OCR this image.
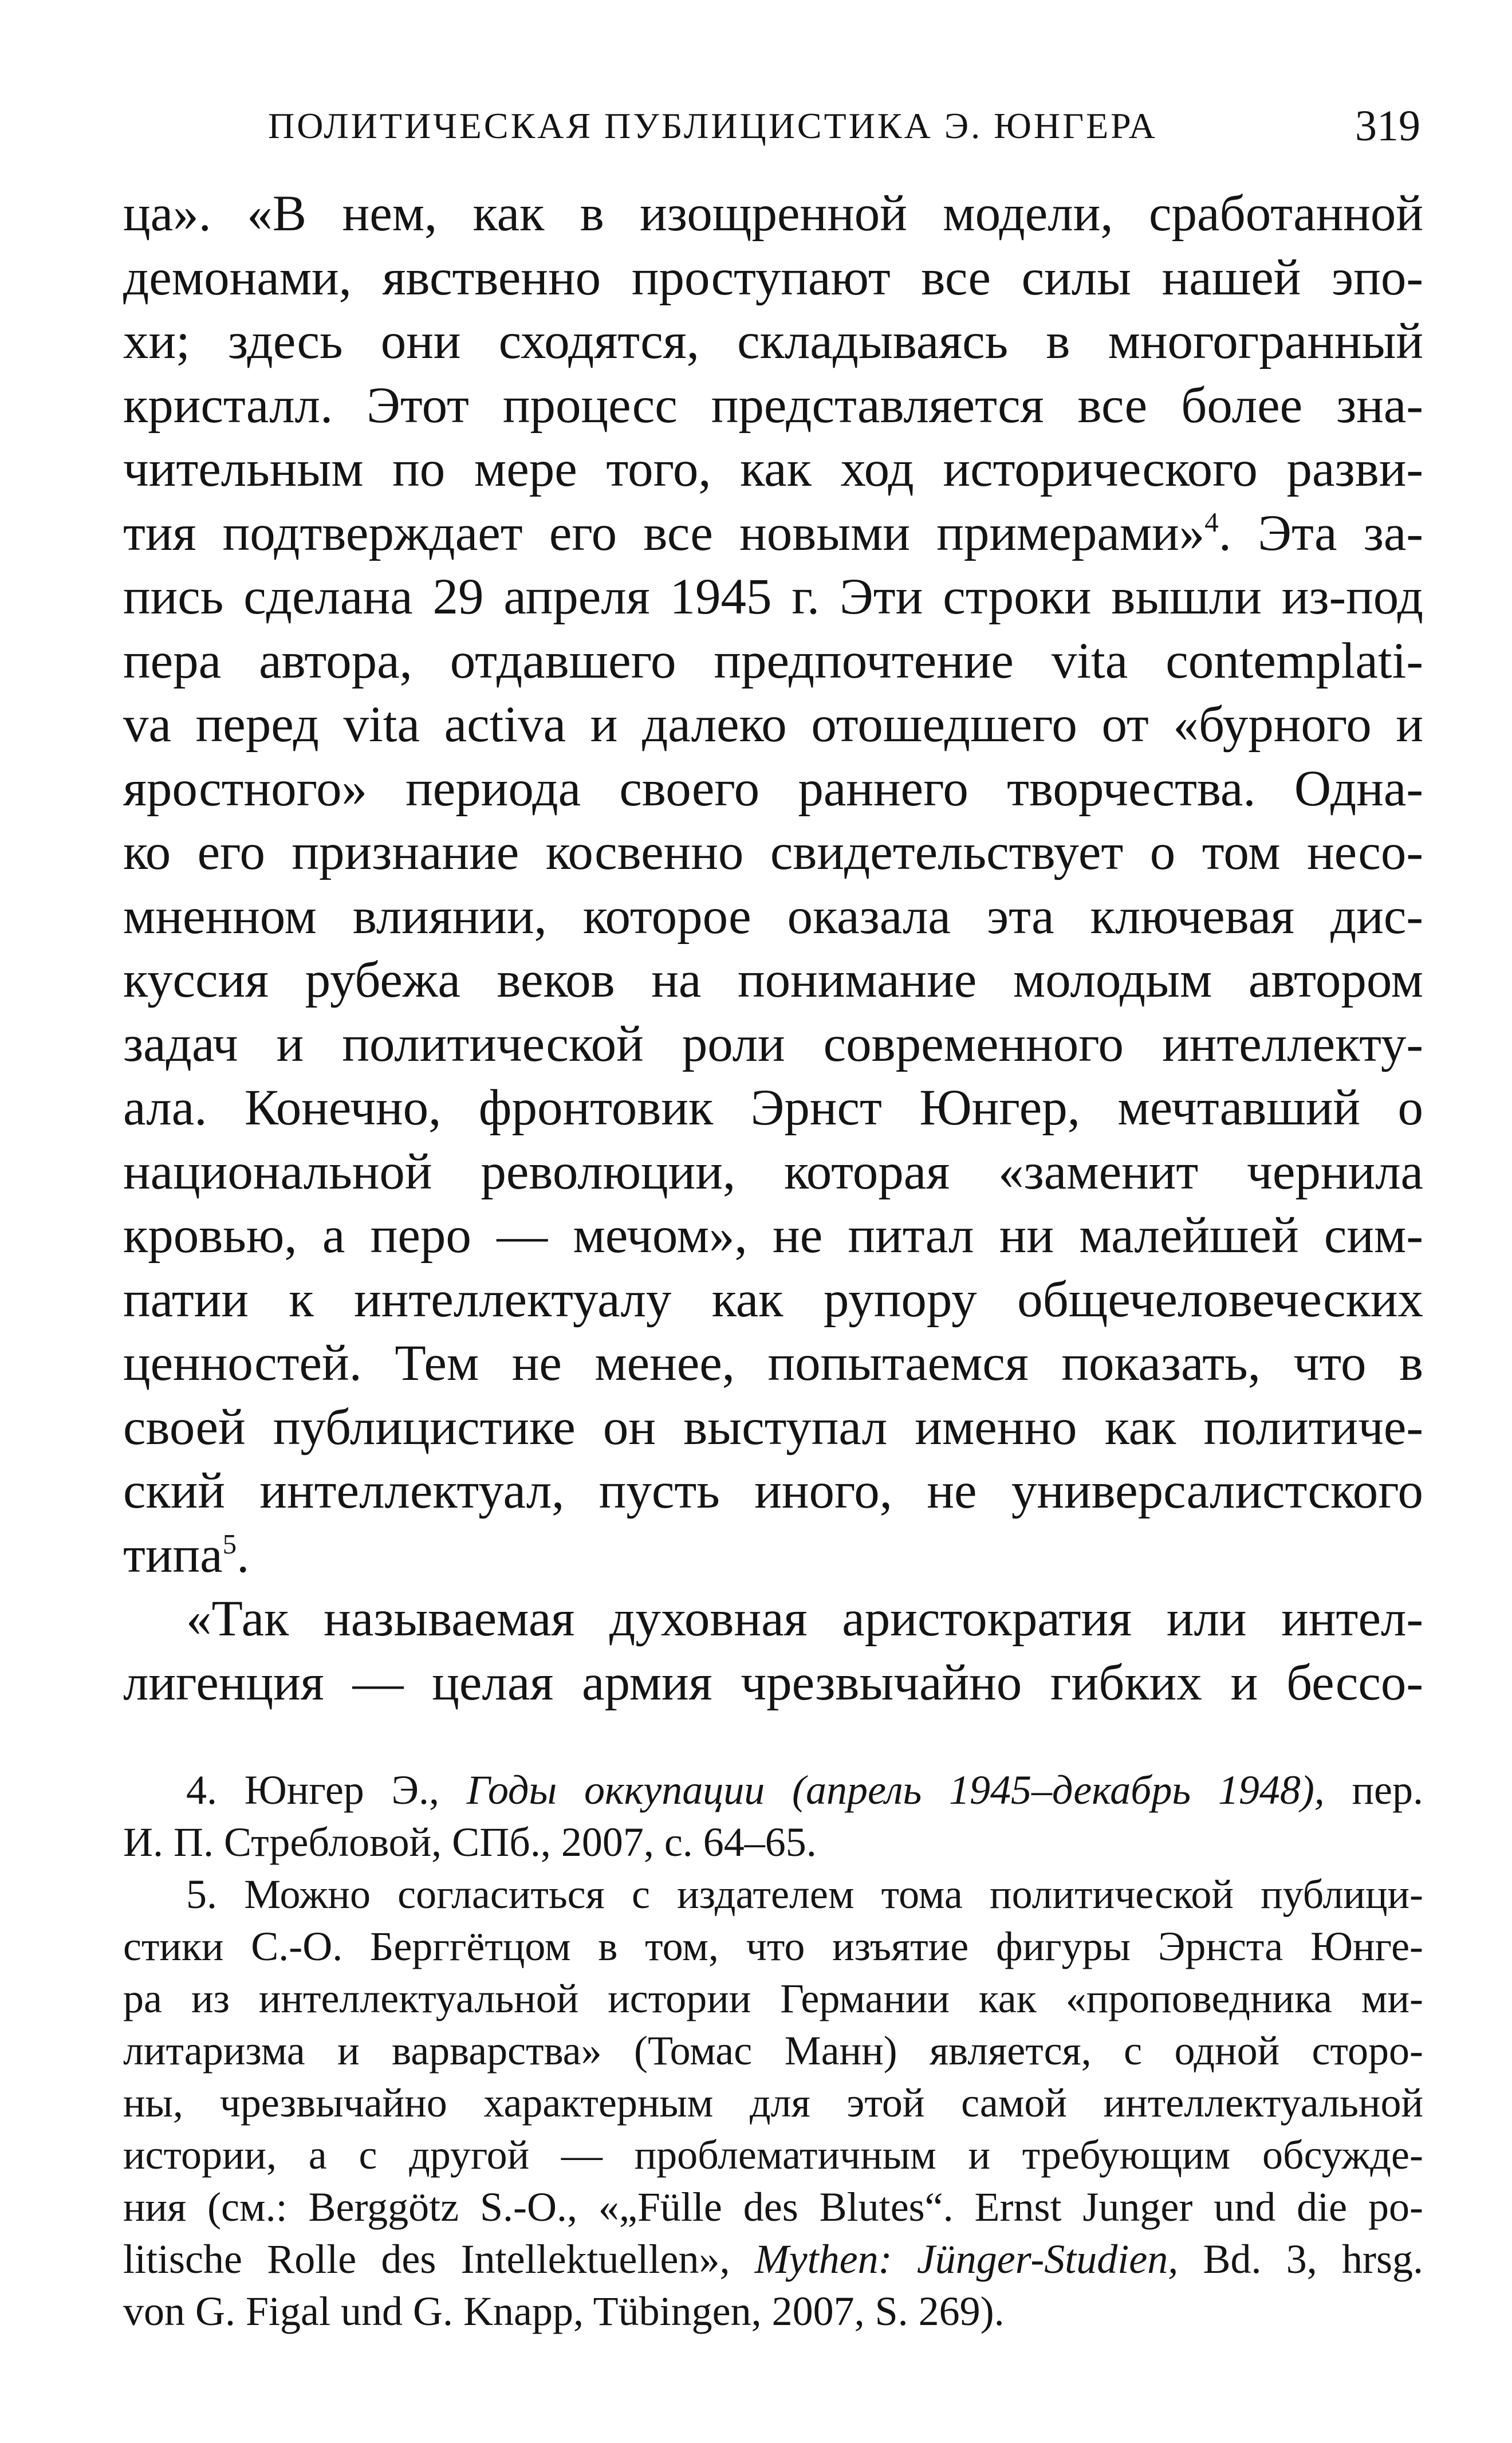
ПОЛИТИЧЕСКАЯ ПУБЛИЦИСТИКА Э. ЮНГЕРА	319
ца». «В нем, как в изощренной модели, сработанной
демонами, явственно проступают все силы нашей эпо-
хи; здесь они сходятся, складываясь в многогранный
кристалл. Этот процесс представляется все более зна-
чительным по мере того, как ход исторического разви-
тия подтверждает его все новыми примерами»$^4$. Эта за-
пись сделана 29 апреля 1945 г. Эти строки вышли из-под
пера автора, отдавшего предпочтение vita contemplati-
va перед vita activa и далеко отошедшего от «бурного и
яростного» периода своего раннего творчества. Одна-
ко его признание косвенно свидетельствует о том несо-
мненном влиянии, которое оказала эта ключевая дис-
куссия рубежа веков на понимание молодым автором
задач и политической роли современного интеллекту-
ала. Конечно, фронтовик Эрнст Юнгер, мечтавший о
национальной революции, которая «заменит чернила
кровью, а перо — мечом», не питал ни малейшей сим-
патии к интеллектуалу как рупору общечеловеческих
ценностей. Тем не менее, попытаемся показать, что в
своей публицистике он выступал именно как политиче-
ский интеллектуал, пусть иного, не универсалистского
типа$^5$.
«Так называемая духовная аристократия или интел-
лигенция — целая армия чрезвычайно гибких и бессо-
4. Юнгер Э., Годы оккупации (апрель 1945–декабрь 1948), пер.
И. П. Стребловой, СПб., 2007, с. 64–65.
5. Можно согласиться с издателем тома политической публици-
стики С.-О. Берггётцом в том, что изъятие фигуры Эрнста Юнге-
ра из интеллектуальной истории Германии как «проповедника ми-
литаризма и варварства» (Томас Манн) является, с одной сторо-
ны, чрезвычайно характерным для этой самой интеллектуальной
истории, а с другой — проблематичным и требующим обсужде-
ния (см.: Berggötz S.-O., «„Fülle des Blutes“. Ernst Junger und die po-
litische Rolle des Intellektuellen», Mythen: Jünger-Studien, Bd. 3, hrsg.
von G. Figal und G. Knapp, Tübingen, 2007, S. 269).
